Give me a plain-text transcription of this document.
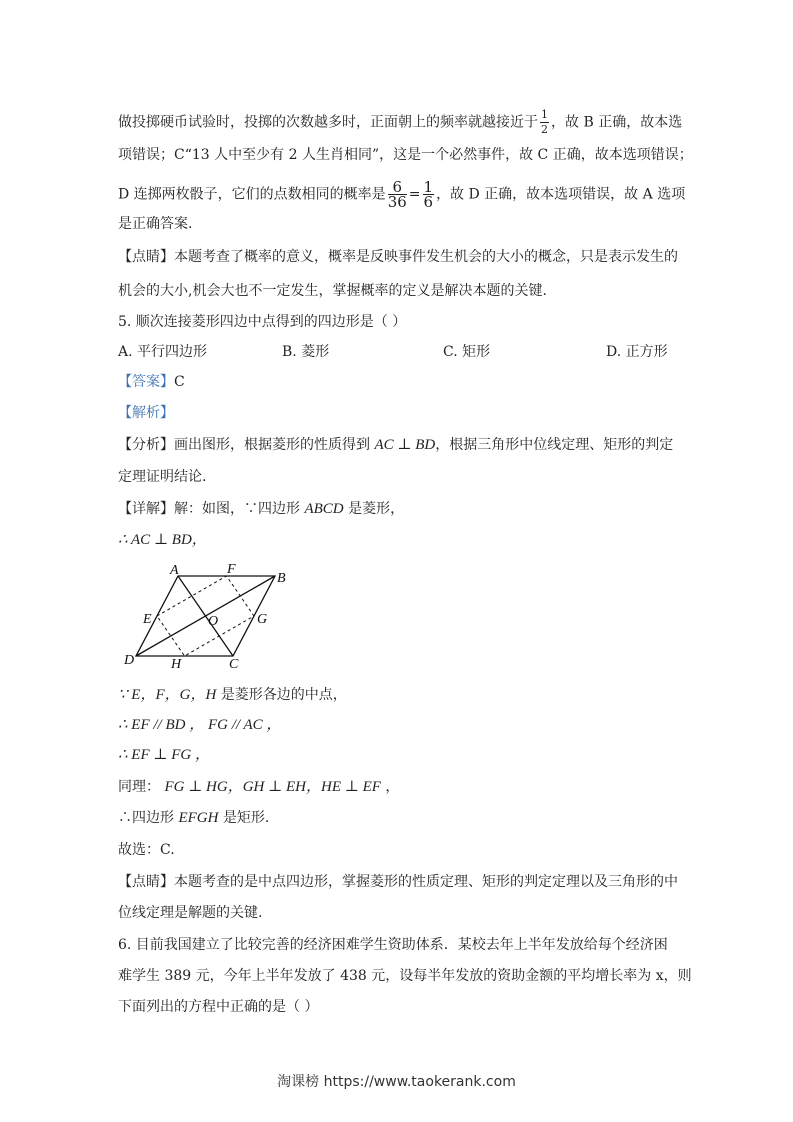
做投掷硬币试验时，投掷的次数越多时，正面朝上的频率就越接近于 $\frac{1}{2}$ ，故 B 正确，故本选
项错误；C“13 人中至少有 2 人生肖相同”，这是一个必然事件，故 C 正确，故本选项错误；
D 连掷两枚骰子，它们的点数相同的概率是 $\frac{6}{36} = \frac{1}{6}$ ，故 D 正确，故本选项错误，故 A 选项
是正确答案.
【点睛】本题考查了概率的意义，概率是反映事件发生机会的大小的概念，只是表示发生的
机会的大小,机会大也不一定发生，掌握概率的定义是解决本题的关键.
5. 顺次连接菱形四边中点得到的四边形是（ ）
A. 平行四边形	B. 菱形	C. 矩形	D. 正方形
【答案】C
【解析】
【分析】画出图形，根据菱形的性质得到 AC ⊥ BD，根据三角形中位线定理、矩形的判定
定理证明结论.
【详解】解：如图，∵四边形 ABCD 是菱形，
∴ AC ⊥ BD，
A	F
B
E	O	G
D	H	C
∵ E，F，G，H 是菱形各边的中点，
∴ EF // BD ， FG // AC ，
∴ EF ⊥ FG ，
同理： FG ⊥ HG，GH ⊥ EH，HE ⊥ EF ，
∴四边形 EFGH 是矩形.
故选：C.
【点睛】本题考查的是中点四边形，掌握菱形的性质定理、矩形的判定定理以及三角形的中
位线定理是解题的关键.
6. 目前我国建立了比较完善的经济困难学生资助体系．某校去年上半年发放给每个经济困
难学生 389 元，今年上半年发放了 438 元，设每半年发放的资助金额的平均增长率为 x，则
下面列出的方程中正确的是（ ）
淘课榜 https://www.taokerank.com
